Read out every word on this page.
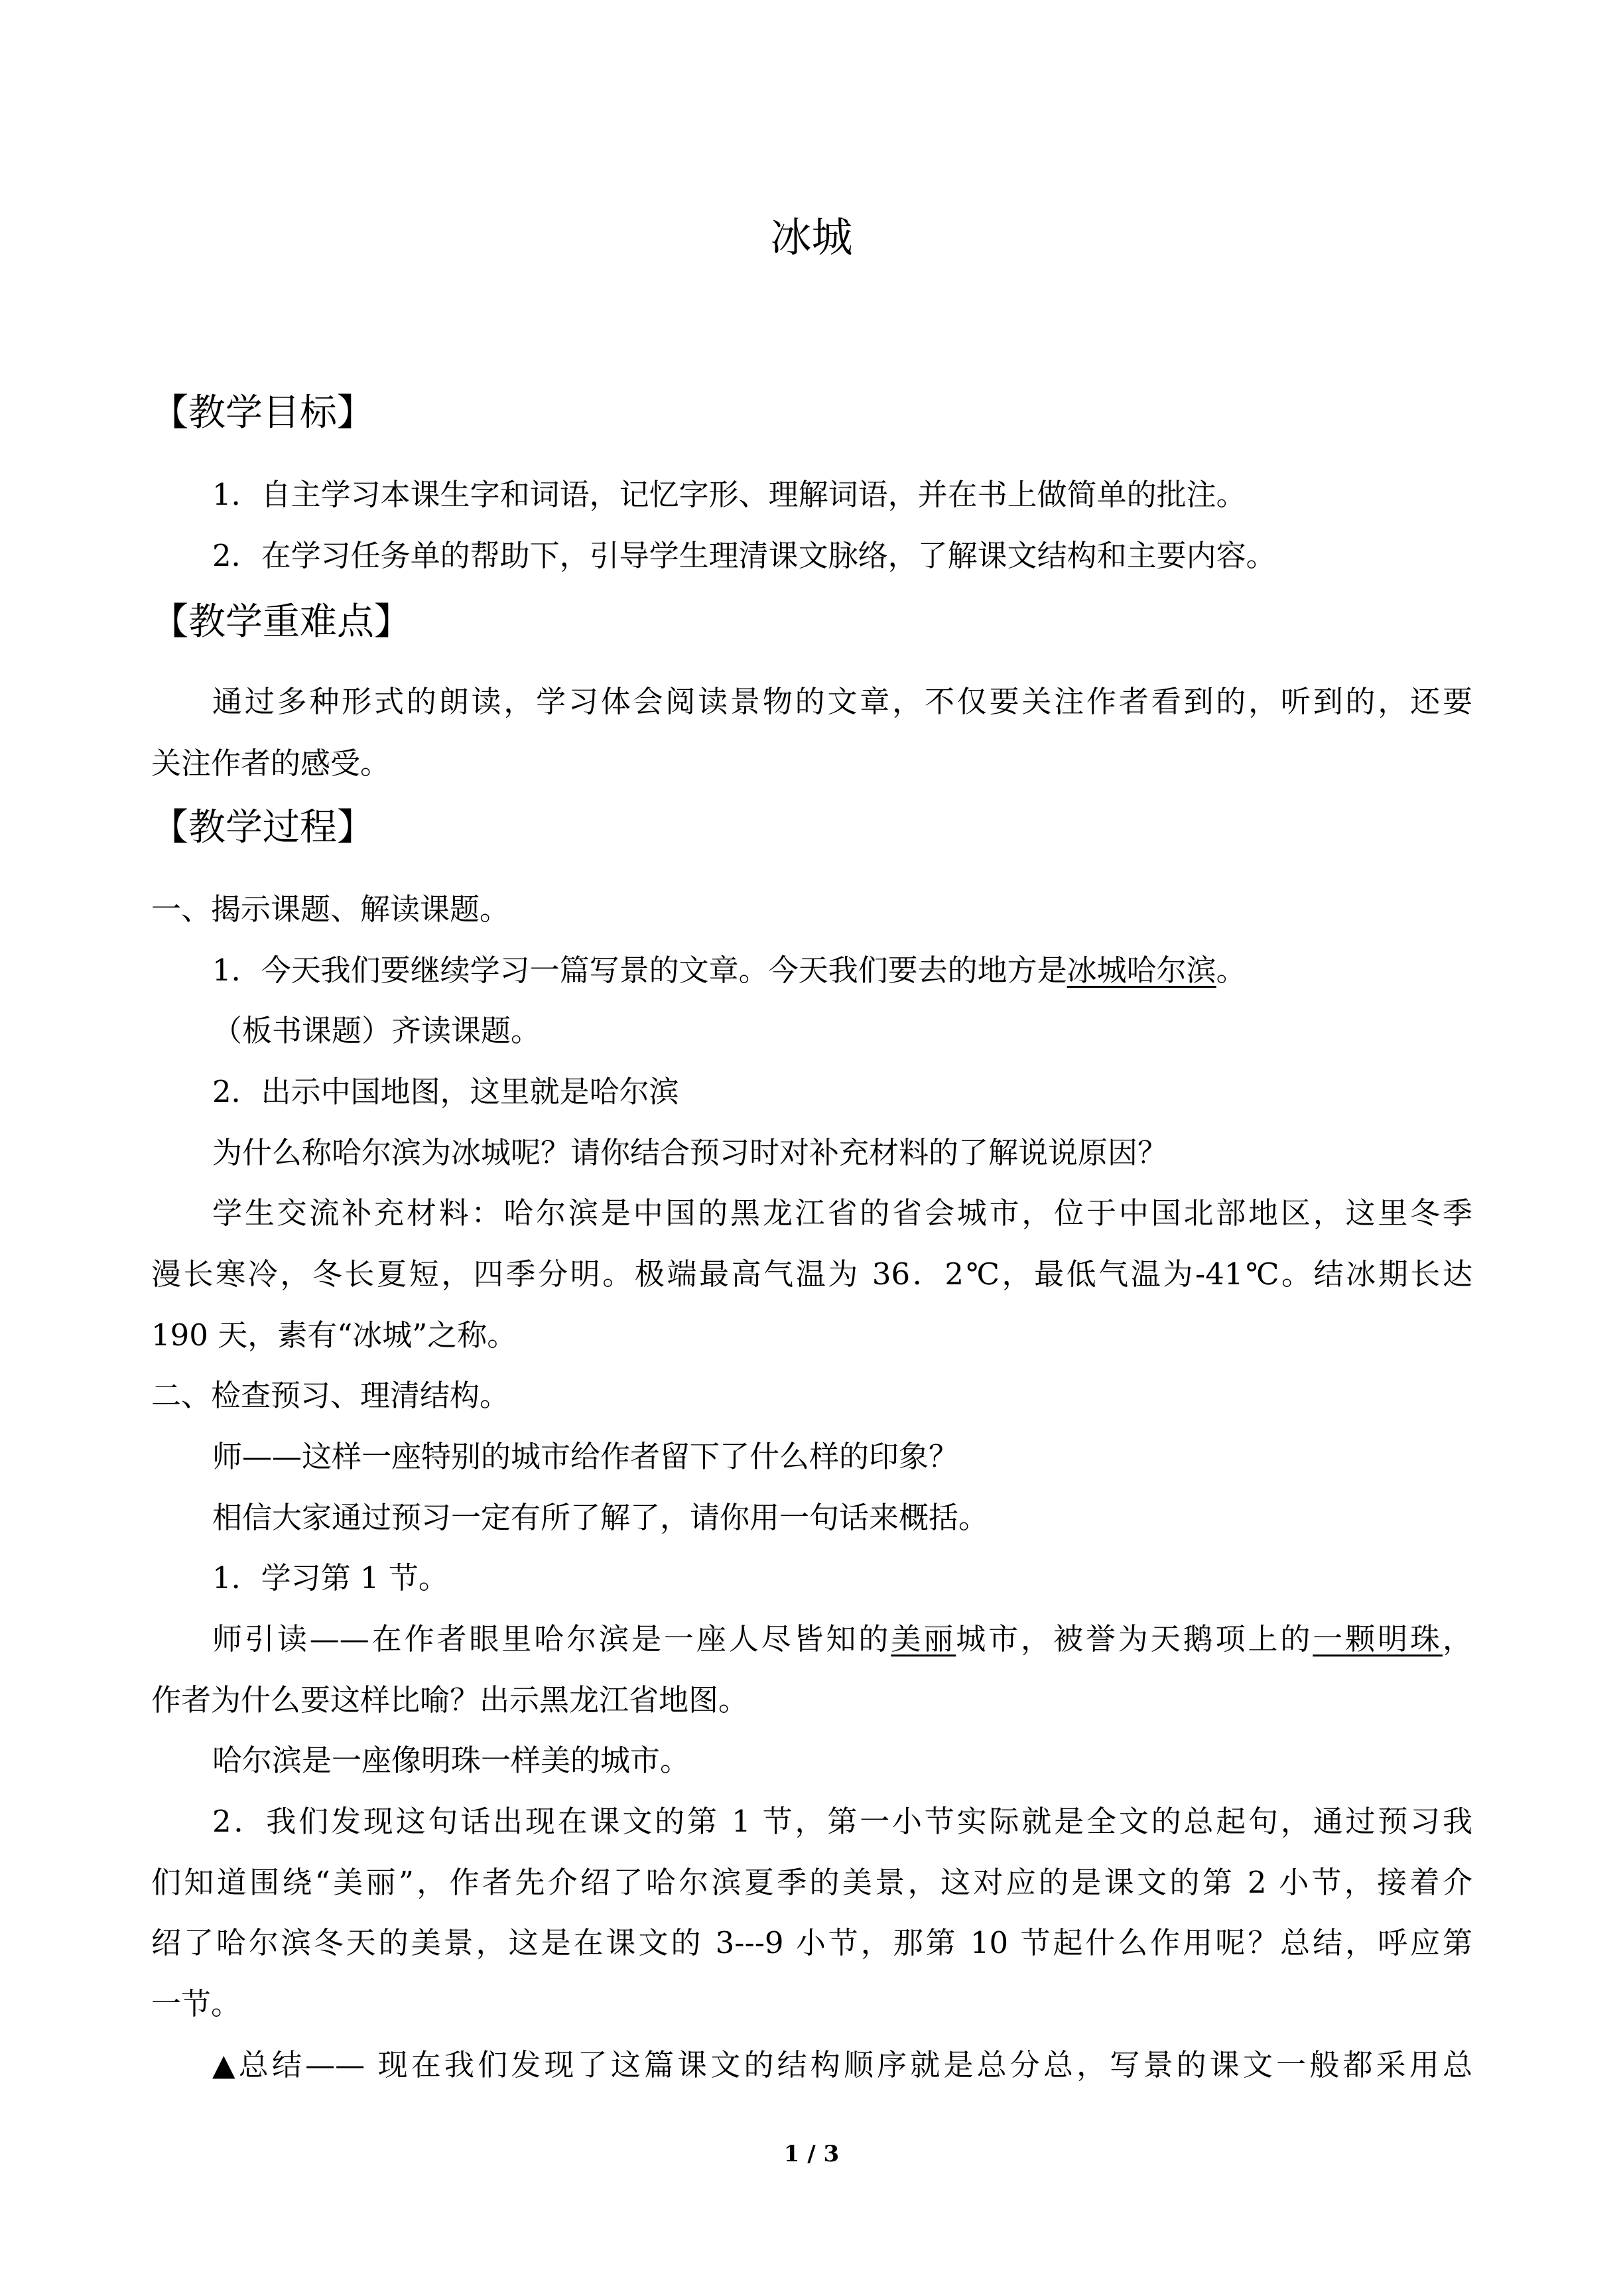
冰城
【教学目标】
1．自主学习本课生字和词语，记忆字形、理解词语，并在书上做简单的批注。
2．在学习任务单的帮助下，引导学生理清课文脉络，了解课文结构和主要内容。
【教学重难点】
通过多种形式的朗读，学习体会阅读景物的文章，不仅要关注作者看到的，听到的，还要
关注作者的感受。
【教学过程】
一、揭示课题、解读课题。
1．今天我们要继续学习一篇写景的文章。今天我们要去的地方是冰城哈尔滨。
（板书课题）齐读课题。
2．出示中国地图，这里就是哈尔滨
为什么称哈尔滨为冰城呢？请你结合预习时对补充材料的了解说说原因？
学生交流补充材料：哈尔滨是中国的黑龙江省的省会城市，位于中国北部地区，这里冬季
漫长寒冷，冬长夏短，四季分明。极端最高气温为 36．2℃，最低气温为-41℃。结冰期长达
190 天，素有“冰城”之称。
二、检查预习、理清结构。
师——这样一座特别的城市给作者留下了什么样的印象？
相信大家通过预习一定有所了解了，请你用一句话来概括。
1．学习第 1 节。
师引读——在作者眼里哈尔滨是一座人尽皆知的美丽城市，被誉为天鹅项上的一颗明珠，
作者为什么要这样比喻？出示黑龙江省地图。
哈尔滨是一座像明珠一样美的城市。
2．我们发现这句话出现在课文的第 1 节，第一小节实际就是全文的总起句，通过预习我
们知道围绕“美丽”，作者先介绍了哈尔滨夏季的美景，这对应的是课文的第 2 小节，接着介
绍了哈尔滨冬天的美景，这是在课文的 3---9 小节，那第 10 节起什么作用呢？总结，呼应第
一节。
▲总结—— 现在我们发现了这篇课文的结构顺序就是总分总，写景的课文一般都采用总
1 / 3
